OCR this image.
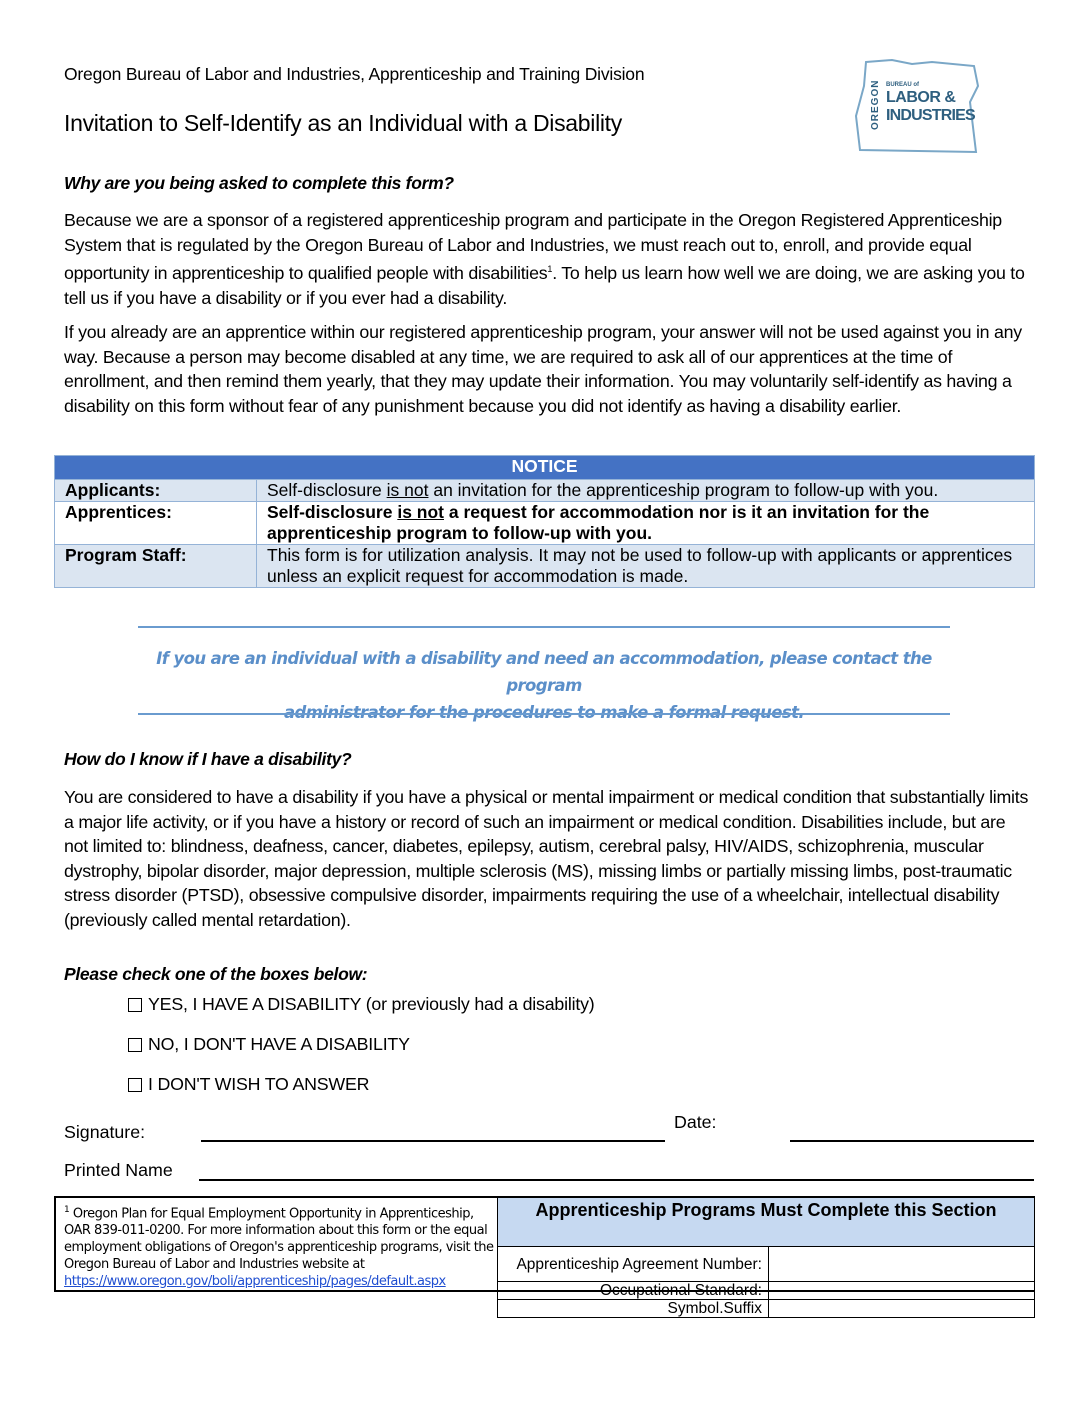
Oregon Bureau of Labor and Industries, Apprenticeship and Training Division
Invitation to Self-Identify as an Individual with a Disability	OREGON BUREAU of
LABOR &
INDUSTRIES
Why are you being asked to complete this form?

Because we are a sponsor of a registered apprenticeship program and participate in the Oregon Registered Apprenticeship System that is regulated by the Oregon Bureau of Labor and Industries, we must reach out to, enroll, and provide equal opportunity in apprenticeship to qualified people with disabilities$^1$. To help us learn how well we are doing, we are asking you to tell us if you have a disability or if you ever had a disability.

If you already are an apprentice within our registered apprenticeship program, your answer will not be used against you in any way. Because a person may become disabled at any time, we are required to ask all of our apprentices at the time of enrollment, and then remind them yearly, that they may update their information. You may voluntarily self-identify as having a disability on this form without fear of any punishment because you did not identify as having a disability earlier.

NOTICE	
Applicants:	Self-disclosure is not an invitation for the apprenticeship program to follow-up with you.
Apprentices:	Self-disclosure is not a request for accommodation nor is it an invitation for the apprenticeship program to follow-up with you.
Program Staff:	This form is for utilization analysis. It may not be used to follow-up with applicants or apprentices unless an explicit request for accommodation is made.
If you are an individual with a disability and need an accommodation, please contact the program
How do I know if I have a disability?

You are considered to have a disability if you have a physical or mental impairment or medical condition that substantially limits a major life activity, or if you have a history or record of such an impairment or medical condition. Disabilities include, but are not limited to: blindness, deafness, cancer, diabetes, epilepsy, autism, cerebral palsy, HIV/AIDS, schizophrenia, muscular dystrophy, bipolar disorder, major depression, multiple sclerosis (MS), missing limbs or partially missing limbs, post-traumatic stress disorder (PTSD), obsessive compulsive disorder, impairments requiring the use of a wheelchair, intellectual disability (previously called mental retardation).

Please check one of the boxes below:
YES, I HAVE A DISABILITY (or previously had a disability)
NO, I DON'T HAVE A DISABILITY
I DON'T WISH TO ANSWER
Signature:	Date:
Printed Name
$^1$ Oregon Plan for Equal Employment Opportunity in Apprenticeship, OAR 839-011-0200. For more information about this form or the equal employment obligations of Oregon's apprenticeship programs, visit the Oregon Bureau of Labor and Industries website at
https://www.oregon.gov/boli/apprenticeship/pages/default.aspx
Apprenticeship Programs Must Complete this Section	
Apprenticeship Agreement Number:	
Occupational Standard:	
Symbol.Suffix	
